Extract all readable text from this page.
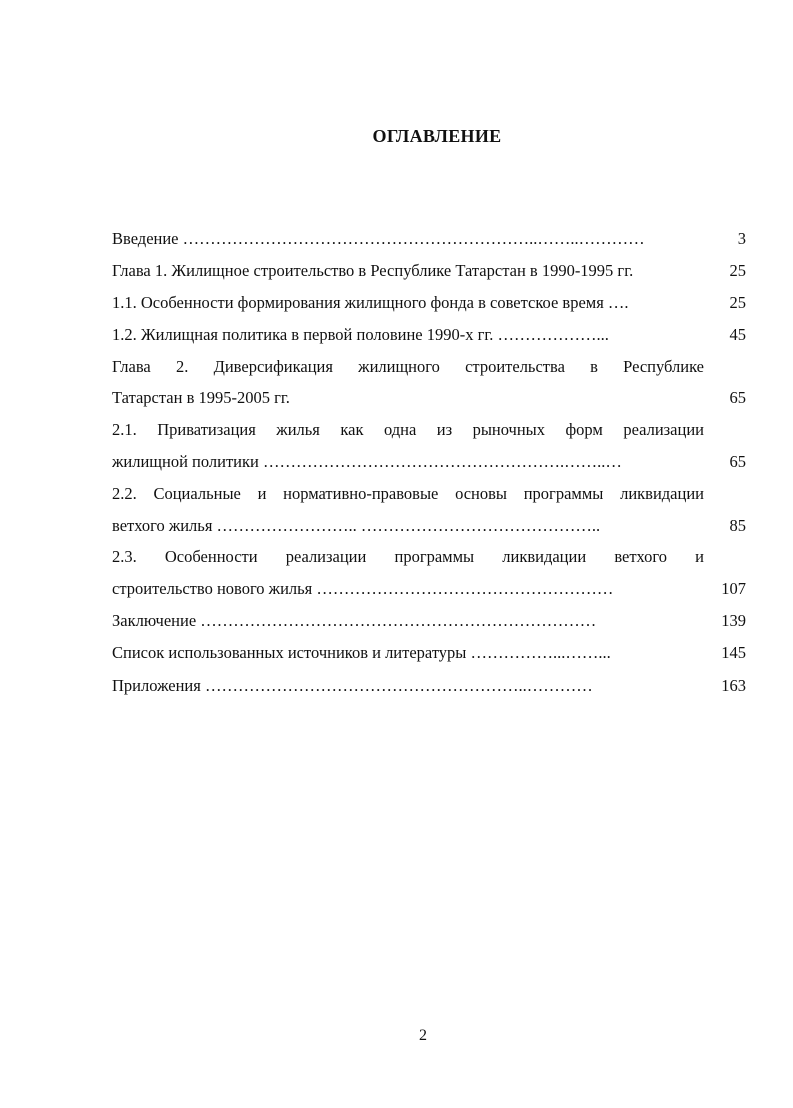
ОГЛАВЛЕНИЕ
Введение ………………………………………………………..……..…………	3
Глава 1. Жилищное строительство в Республике Татарстан в 1990-1995 гг.	25
1.1. Особенности формирования жилищного фонда в советское время ….	25
1.2. Жилищная политика в первой половине 1990-х гг. ………………...	45
Глава 2. Диверсификация жилищного строительства в Республике
Татарстан в 1995-2005 гг.	65
2.1. Приватизация жилья как одна из рыночных форм реализации
жилищной политики ……………………………………………….……..…	65
2.2. Социальные и нормативно-правовые основы программы ликвидации
ветхого жилья …………………….. ……………………………………..	85
2.3. Особенности реализации программы ликвидации ветхого и
строительство нового жилья ………………………………………………	107
Заключение ………………………………………………………………	139
Список использованных источников и литературы ……………...……...	145
Приложения …………………………………………………..…………	163
2
